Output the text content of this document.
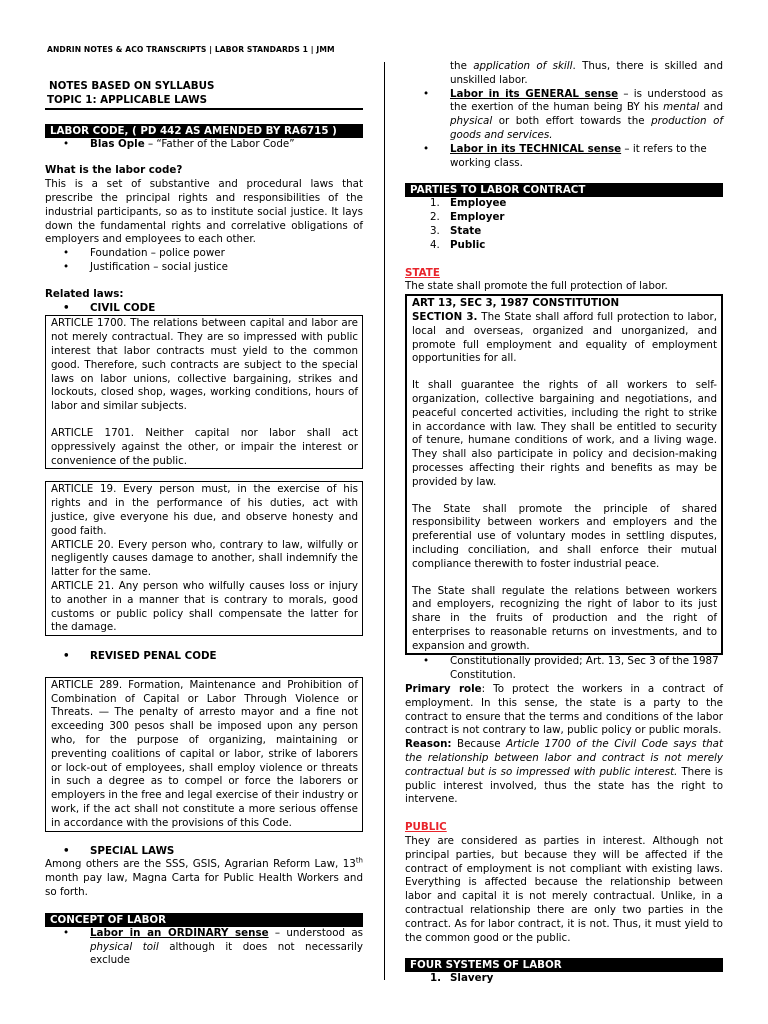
ANDRIN NOTES & ACO TRANSCRIPTS | LABOR STANDARDS 1 | JMM
NOTES BASED ON SYLLABUS
TOPIC 1: APPLICABLE LAWS
LABOR CODE, ( PD 442 AS AMENDED BY RA6715 )
• Blas Ople – “Father of the Labor Code”
What is the labor code?

This is a set of substantive and procedural laws that prescribe the principal rights and responsibilities of the industrial participants, so as to institute social justice. It lays down the fundamental rights and correlative obligations of employers and employees to each other.

• Foundation – police power
• Justification – social justice
Related laws:
• CIVIL CODE

ARTICLE 1700. The relations between capital and labor are not merely contractual. They are so impressed with public interest that labor contracts must yield to the common good. Therefore, such contracts are subject to the special laws on labor unions, collective bargaining, strikes and lockouts, closed shop, wages, working conditions, hours of labor and similar subjects.

ARTICLE 1701. Neither capital nor labor shall act oppressively against the other, or impair the interest or convenience of the public.

ARTICLE 19. Every person must, in the exercise of his rights and in the performance of his duties, act with justice, give everyone his due, and observe honesty and good faith.

ARTICLE 20. Every person who, contrary to law, wilfully or negligently causes damage to another, shall indemnify the latter for the same.

ARTICLE 21. Any person who wilfully causes loss or injury to another in a manner that is contrary to morals, good customs or public policy shall compensate the latter for the damage.

• REVISED PENAL CODE

ARTICLE 289. Formation, Maintenance and Prohibition of Combination of Capital or Labor Through Violence or Threats. — The penalty of arresto mayor and a fine not exceeding 300 pesos shall be imposed upon any person who, for the purpose of organizing, maintaining or preventing coalitions of capital or labor, strike of laborers or lock-out of employees, shall employ violence or threats in such a degree as to compel or force the laborers or employers in the free and legal exercise of their industry or work, if the act shall not constitute a more serious offense in accordance with the provisions of this Code.

• SPECIAL LAWS

Among others are the SSS, GSIS, Agrarian Reform Law, 13th month pay law, Magna Carta for Public Health Workers and so forth.

CONCEPT OF LABOR
• Labor in an ORDINARY sense – understood as physical toil although it does not necessarily exclude

the application of skill. Thus, there is skilled and unskilled labor.

• Labor in its GENERAL sense – is understood as the exertion of the human being BY his mental and physical or both effort towards the production of goods and services.
• Labor in its TECHNICAL sense – it refers to the working class.
PARTIES TO LABOR CONTRACT
1. Employee
2. Employer
3. State
4. Public
STATE

The state shall promote the full protection of labor.

ART 13, SEC 3, 1987 CONSTITUTION

SECTION 3. The State shall afford full protection to labor, local and overseas, organized and unorganized, and promote full employment and equality of employment opportunities for all.

It shall guarantee the rights of all workers to self-organization, collective bargaining and negotiations, and peaceful concerted activities, including the right to strike in accordance with law. They shall be entitled to security of tenure, humane conditions of work, and a living wage. They shall also participate in policy and decision-making processes affecting their rights and benefits as may be provided by law.

The State shall promote the principle of shared responsibility between workers and employers and the preferential use of voluntary modes in settling disputes, including conciliation, and shall enforce their mutual compliance therewith to foster industrial peace.

The State shall regulate the relations between workers and employers, recognizing the right of labor to its just share in the fruits of production and the right of enterprises to reasonable returns on investments, and to expansion and growth.

• Constitutionally provided; Art. 13, Sec 3 of the 1987 Constitution.

Primary role: To protect the workers in a contract of employment. In this sense, the state is a party to the contract to ensure that the terms and conditions of the labor contract is not contrary to law, public policy or public morals.

Reason: Because Article 1700 of the Civil Code says that the relationship between labor and contract is not merely contractual but is so impressed with public interest. There is public interest involved, thus the state has the right to intervene.

PUBLIC

They are considered as parties in interest. Although not principal parties, but because they will be affected if the contract of employment is not compliant with existing laws. Everything is affected because the relationship between labor and capital it is not merely contractual. Unlike, in a contractual relationship there are only two parties in the contract. As for labor contract, it is not. Thus, it must yield to the common good or the public.

FOUR SYSTEMS OF LABOR
1. Slavery
